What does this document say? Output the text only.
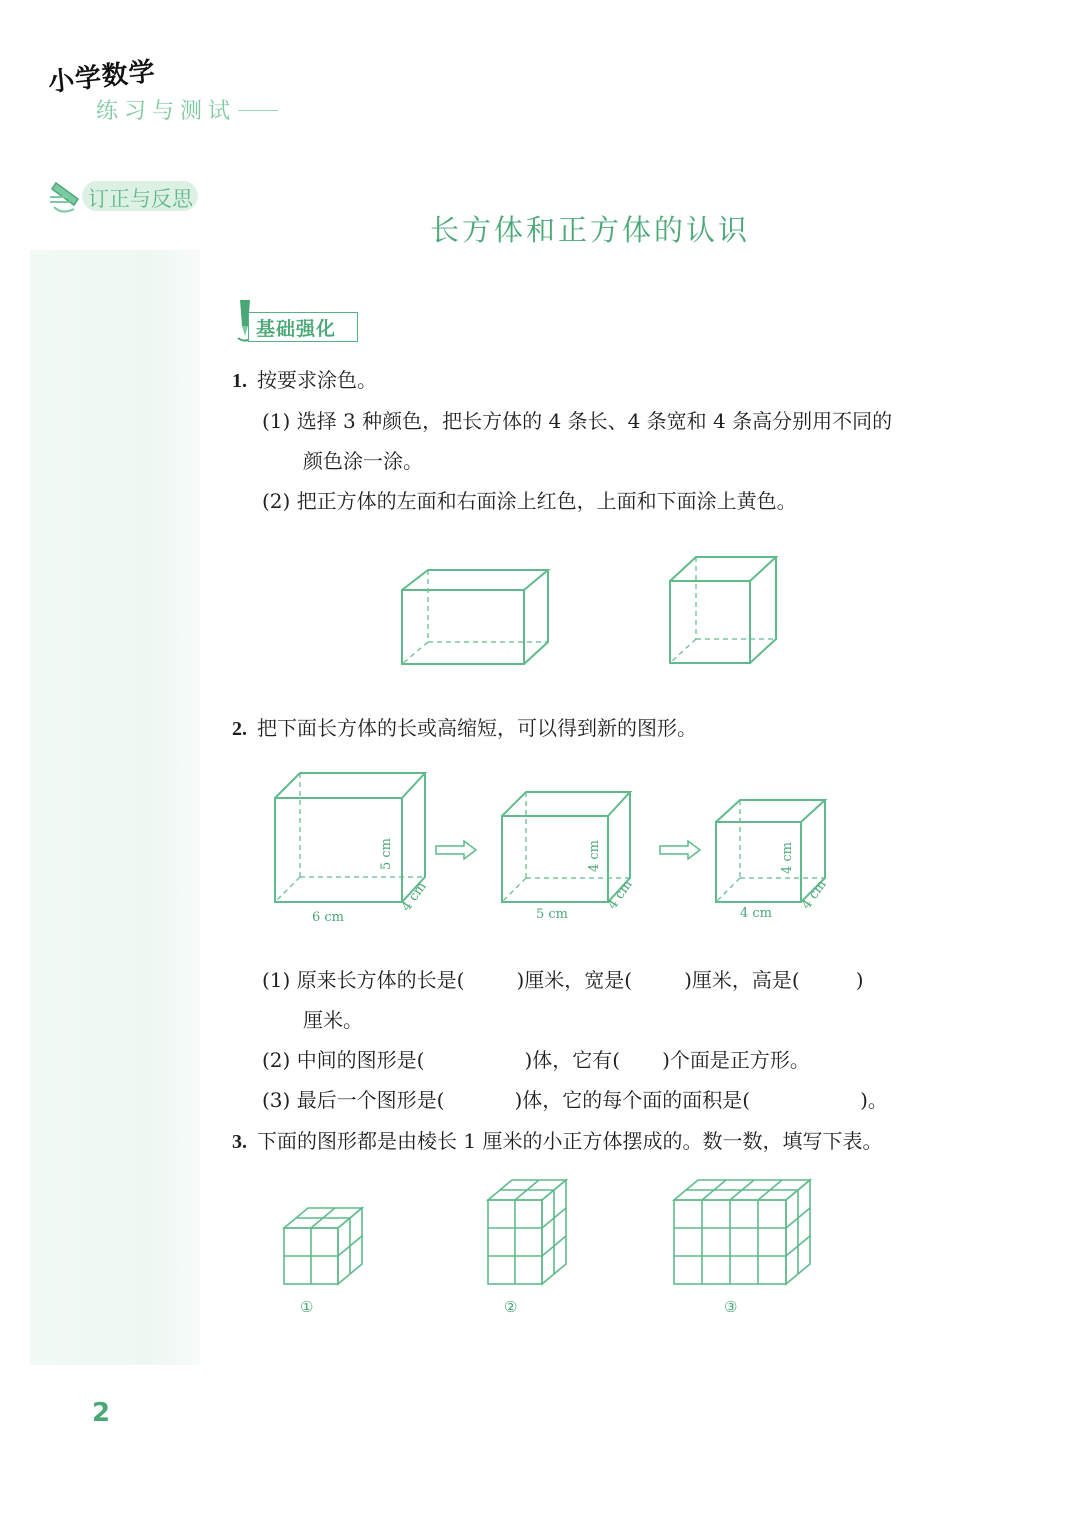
小学数学
练习与测试
订正与反思
长方体和正方体的认识
基础强化
1. 按要求涂色。
(1) 选择 3 种颜色，把长方体的 4 条长、4 条宽和 4 条高分别用不同的
颜色涂一涂。
(2) 把正方体的左面和右面涂上红色，上面和下面涂上黄色。
2. 把下面长方体的长或高缩短，可以得到新的图形。
6 cm
4 cm
5 cm
5 cm
4 cm
4 cm
4 cm
4 cm
4 cm
(1) 原来长方体的长是(	)厘米，宽是(	)厘米，高是(	)
厘米。
(2) 中间的图形是(	)体，它有( )个面是正方形。
(3) 最后一个图形是(	)体，它的每个面的面积是(	)。
3. 下面的图形都是由棱长 1 厘米的小正方体摆成的。数一数，填写下表。
①	②	③
2
